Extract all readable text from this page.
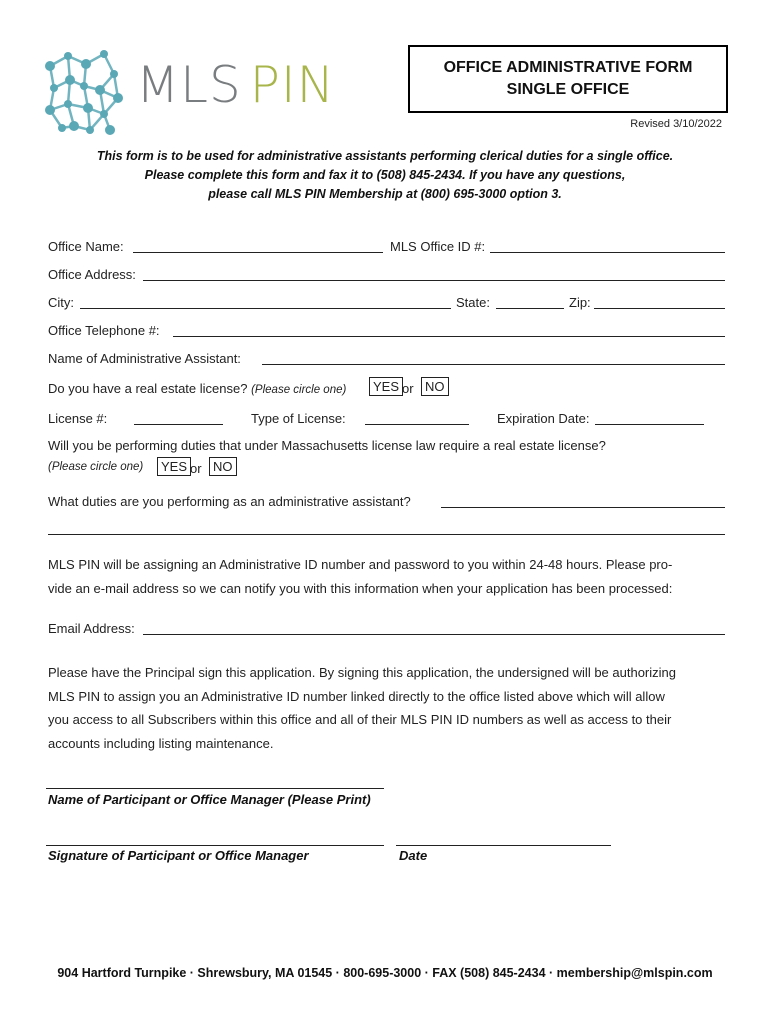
MLS PIN	OFFICE ADMINISTRATIVE FORM
SINGLE OFFICE
Revised 3/10/2022
This form is to be used for administrative assistants performing clerical duties for a single office.
Please complete this form and fax it to (508) 845-2434. If you have any questions,
please call MLS PIN Membership at (800) 695-3000 option 3.
Office Name:	MLS Office ID #:
Office Address:
City:	State:	Zip:
Office Telephone #:
Name of Administrative Assistant:
Do you have a real estate license? (Please circle one)	YES or NO
License #:	Type of License:	Expiration Date:
Will you be performing duties that under Massachusetts license law require a real estate license?
(Please circle one)	YES or NO
What duties are you performing as an administrative assistant?
MLS PIN will be assigning an Administrative ID number and password to you within 24-48 hours. Please pro-
vide an e-mail address so we can notify you with this information when your application has been processed:
Email Address:
Please have the Principal sign this application. By signing this application, the undersigned will be authorizing
MLS PIN to assign you an Administrative ID number linked directly to the office listed above which will allow
you access to all Subscribers within this office and all of their MLS PIN ID numbers as well as access to their
accounts including listing maintenance.
Name of Participant or Office Manager (Please Print)
Signature of Participant or Office Manager	Date
904 Hartford Turnpike · Shrewsbury, MA 01545 · 800-695-3000 · FAX (508) 845-2434 · membership@mlspin.com
